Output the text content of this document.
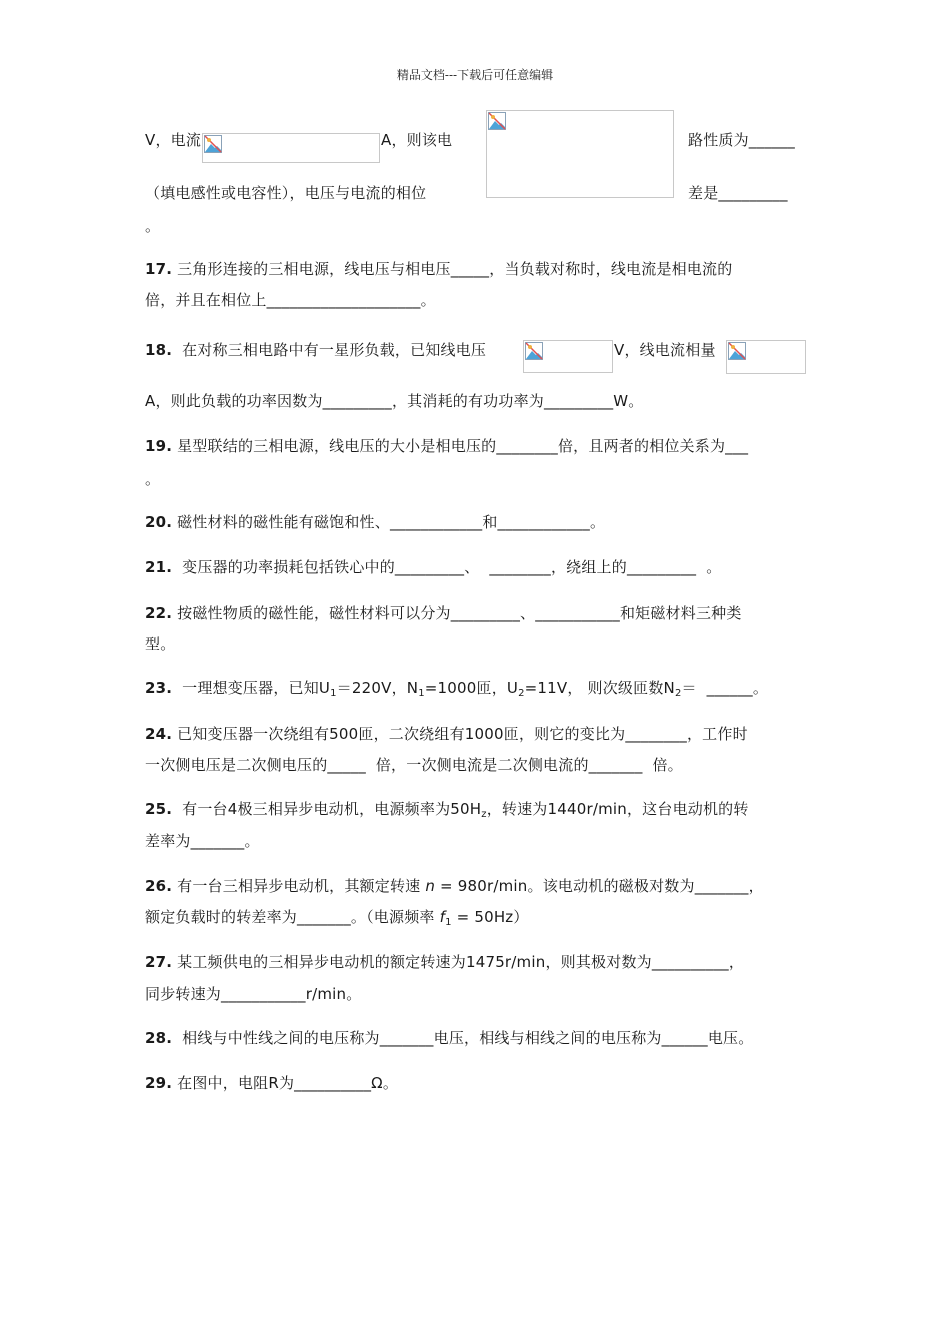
精品文档---下载后可任意编辑
V，电流	A，则该电	路性质为______
（填电感性或电容性），电压与电流的相位	差是_________
。
17. 三角形连接的三相电源，线电压与相电压_____，当负载对称时，线电流是相电流的
倍，并且在相位上____________________。
18.  在对称三相电路中有一星形负载，已知线电压	V，线电流相量
A，则此负载的功率因数为_________，其消耗的有功功率为_________W。
19. 星型联结的三相电源，线电压的大小是相电压的________倍，且两者的相位关系为___
。
20. 磁性材料的磁性能有磁饱和性、____________和____________。
21.  变压器的功率损耗包括铁心中的_________、  ________，绕组上的_________  。
22. 按磁性物质的磁性能，磁性材料可以分为_________、___________和矩磁材料三种类
型。
23.  一理想变压器，已知$U_1=220V$，$N_1=1000$匝，$U_2=11V$， 则次级匝数$N_2=$  ______。
24. 已知变压器一次绕组有500匝，二次绕组有1000匝，则它的变比为________，工作时
一次侧电压是二次侧电压的_____  倍，一次侧电流是二次侧电流的_______  倍。
25.  有一台4极三相异步电动机，电源频率为$50H_z$，转速为1440r/min，这台电动机的转
差率为_______。
26. 有一台三相异步电动机，其额定转速 n = 980r/min。该电动机的磁极对数为_______，
额定负载时的转差率为_______。（电源频率 $f_1 = 50Hz$）
27. 某工频供电的三相异步电动机的额定转速为1475r/min，则其极对数为__________，
同步转速为___________r/min。
28.  相线与中性线之间的电压称为_______电压，相线与相线之间的电压称为______电压。
29. 在图中，电阻R为__________Ω。
